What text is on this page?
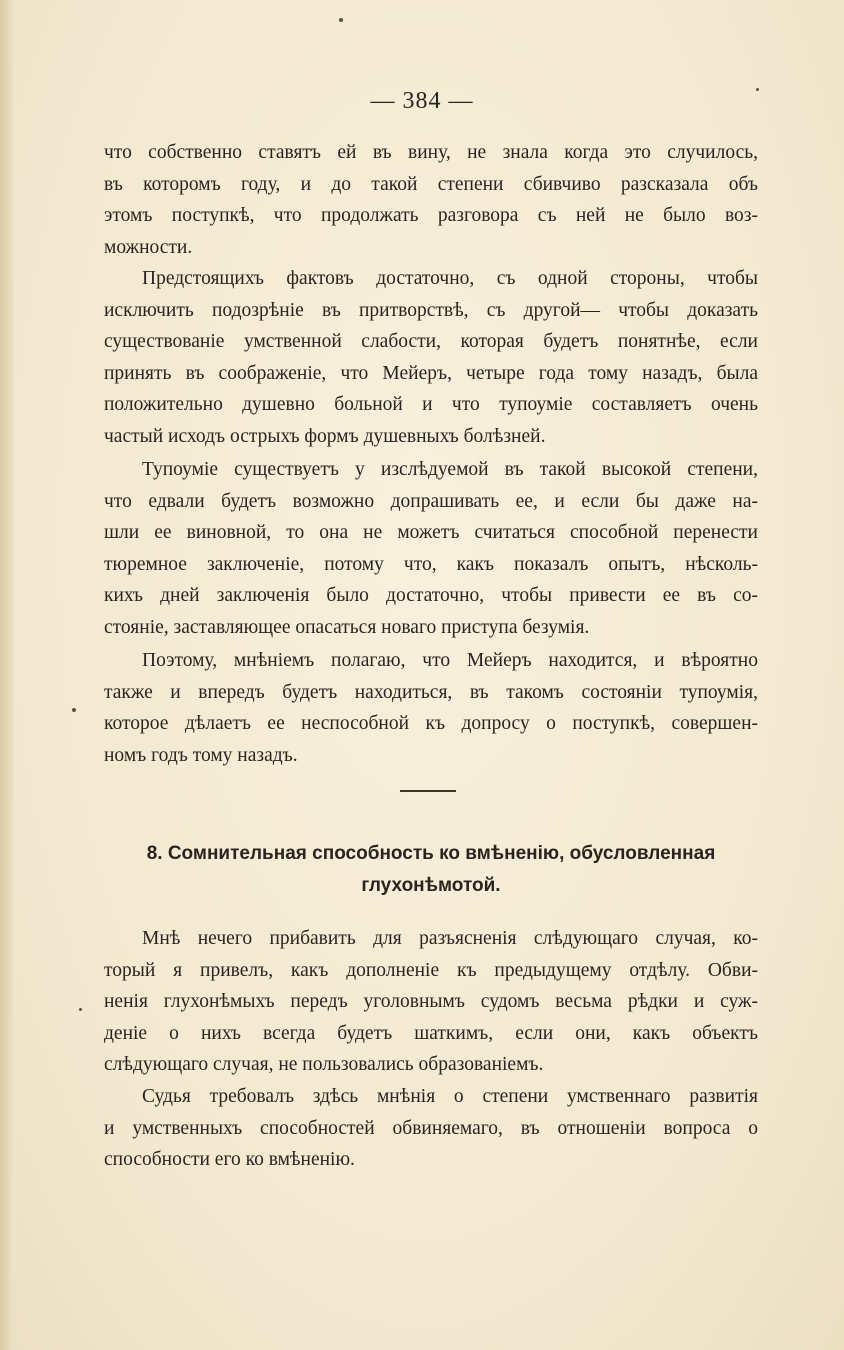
— 384 —
что собственно ставятъ ей въ вину, не знала когда это случилось,
въ которомъ году, и до такой степени сбивчиво разсказала объ
этомъ поступкѣ, что продолжать разговора съ ней не было воз-
можности.
Предстоящихъ фактовъ достаточно, съ одной стороны, чтобы
исключить подозрѣніе въ притворствѣ, съ другой— чтобы доказать
существованіе умственной слабости, которая будетъ понятнѣе, если
принять въ соображеніе, что Мейеръ, четыре года тому назадъ, была
положительно душевно больной и что тупоуміе составляетъ очень
частый исходъ острыхъ формъ душевныхъ болѣзней.
Тупоуміе существуетъ у изслѣдуемой въ такой высокой степени,
что едвали будетъ возможно допрашивать ее, и если бы даже на-
шли ее виновной, то она не можетъ считаться способной перенести
тюремное заключеніе, потому что, какъ показалъ опытъ, нѣсколь-
кихъ дней заключенія было достаточно, чтобы привести ее въ со-
стояніе, заставляющее опасаться новаго приступа безумія.
Поэтому, мнѣніемъ полагаю, что Мейеръ находится, и вѣроятно
также и впередъ будетъ находиться, въ такомъ состояніи тупоумія,
которое дѣлаетъ ее неспособной къ допросу о поступкѣ, совершен-
номъ годъ тому назадъ.
8. Сомнительная способность ко вмѣненію, обусловленная
глухонѣмотой.
Мнѣ нечего прибавить для разъясненія слѣдующаго случая, ко-
торый я привелъ, какъ дополненіе къ предыдущему отдѣлу. Обви-
ненія глухонѣмыхъ передъ уголовнымъ судомъ весьма рѣдки и суж-
деніе о нихъ всегда будетъ шаткимъ, если они, какъ объектъ
слѣдующаго случая, не пользовались образованіемъ.
Судья требовалъ здѣсь мнѣнія о степени умственнаго развитія
и умственныхъ способностей обвиняемаго, въ отношеніи вопроса о
способности его ко вмѣненію.
